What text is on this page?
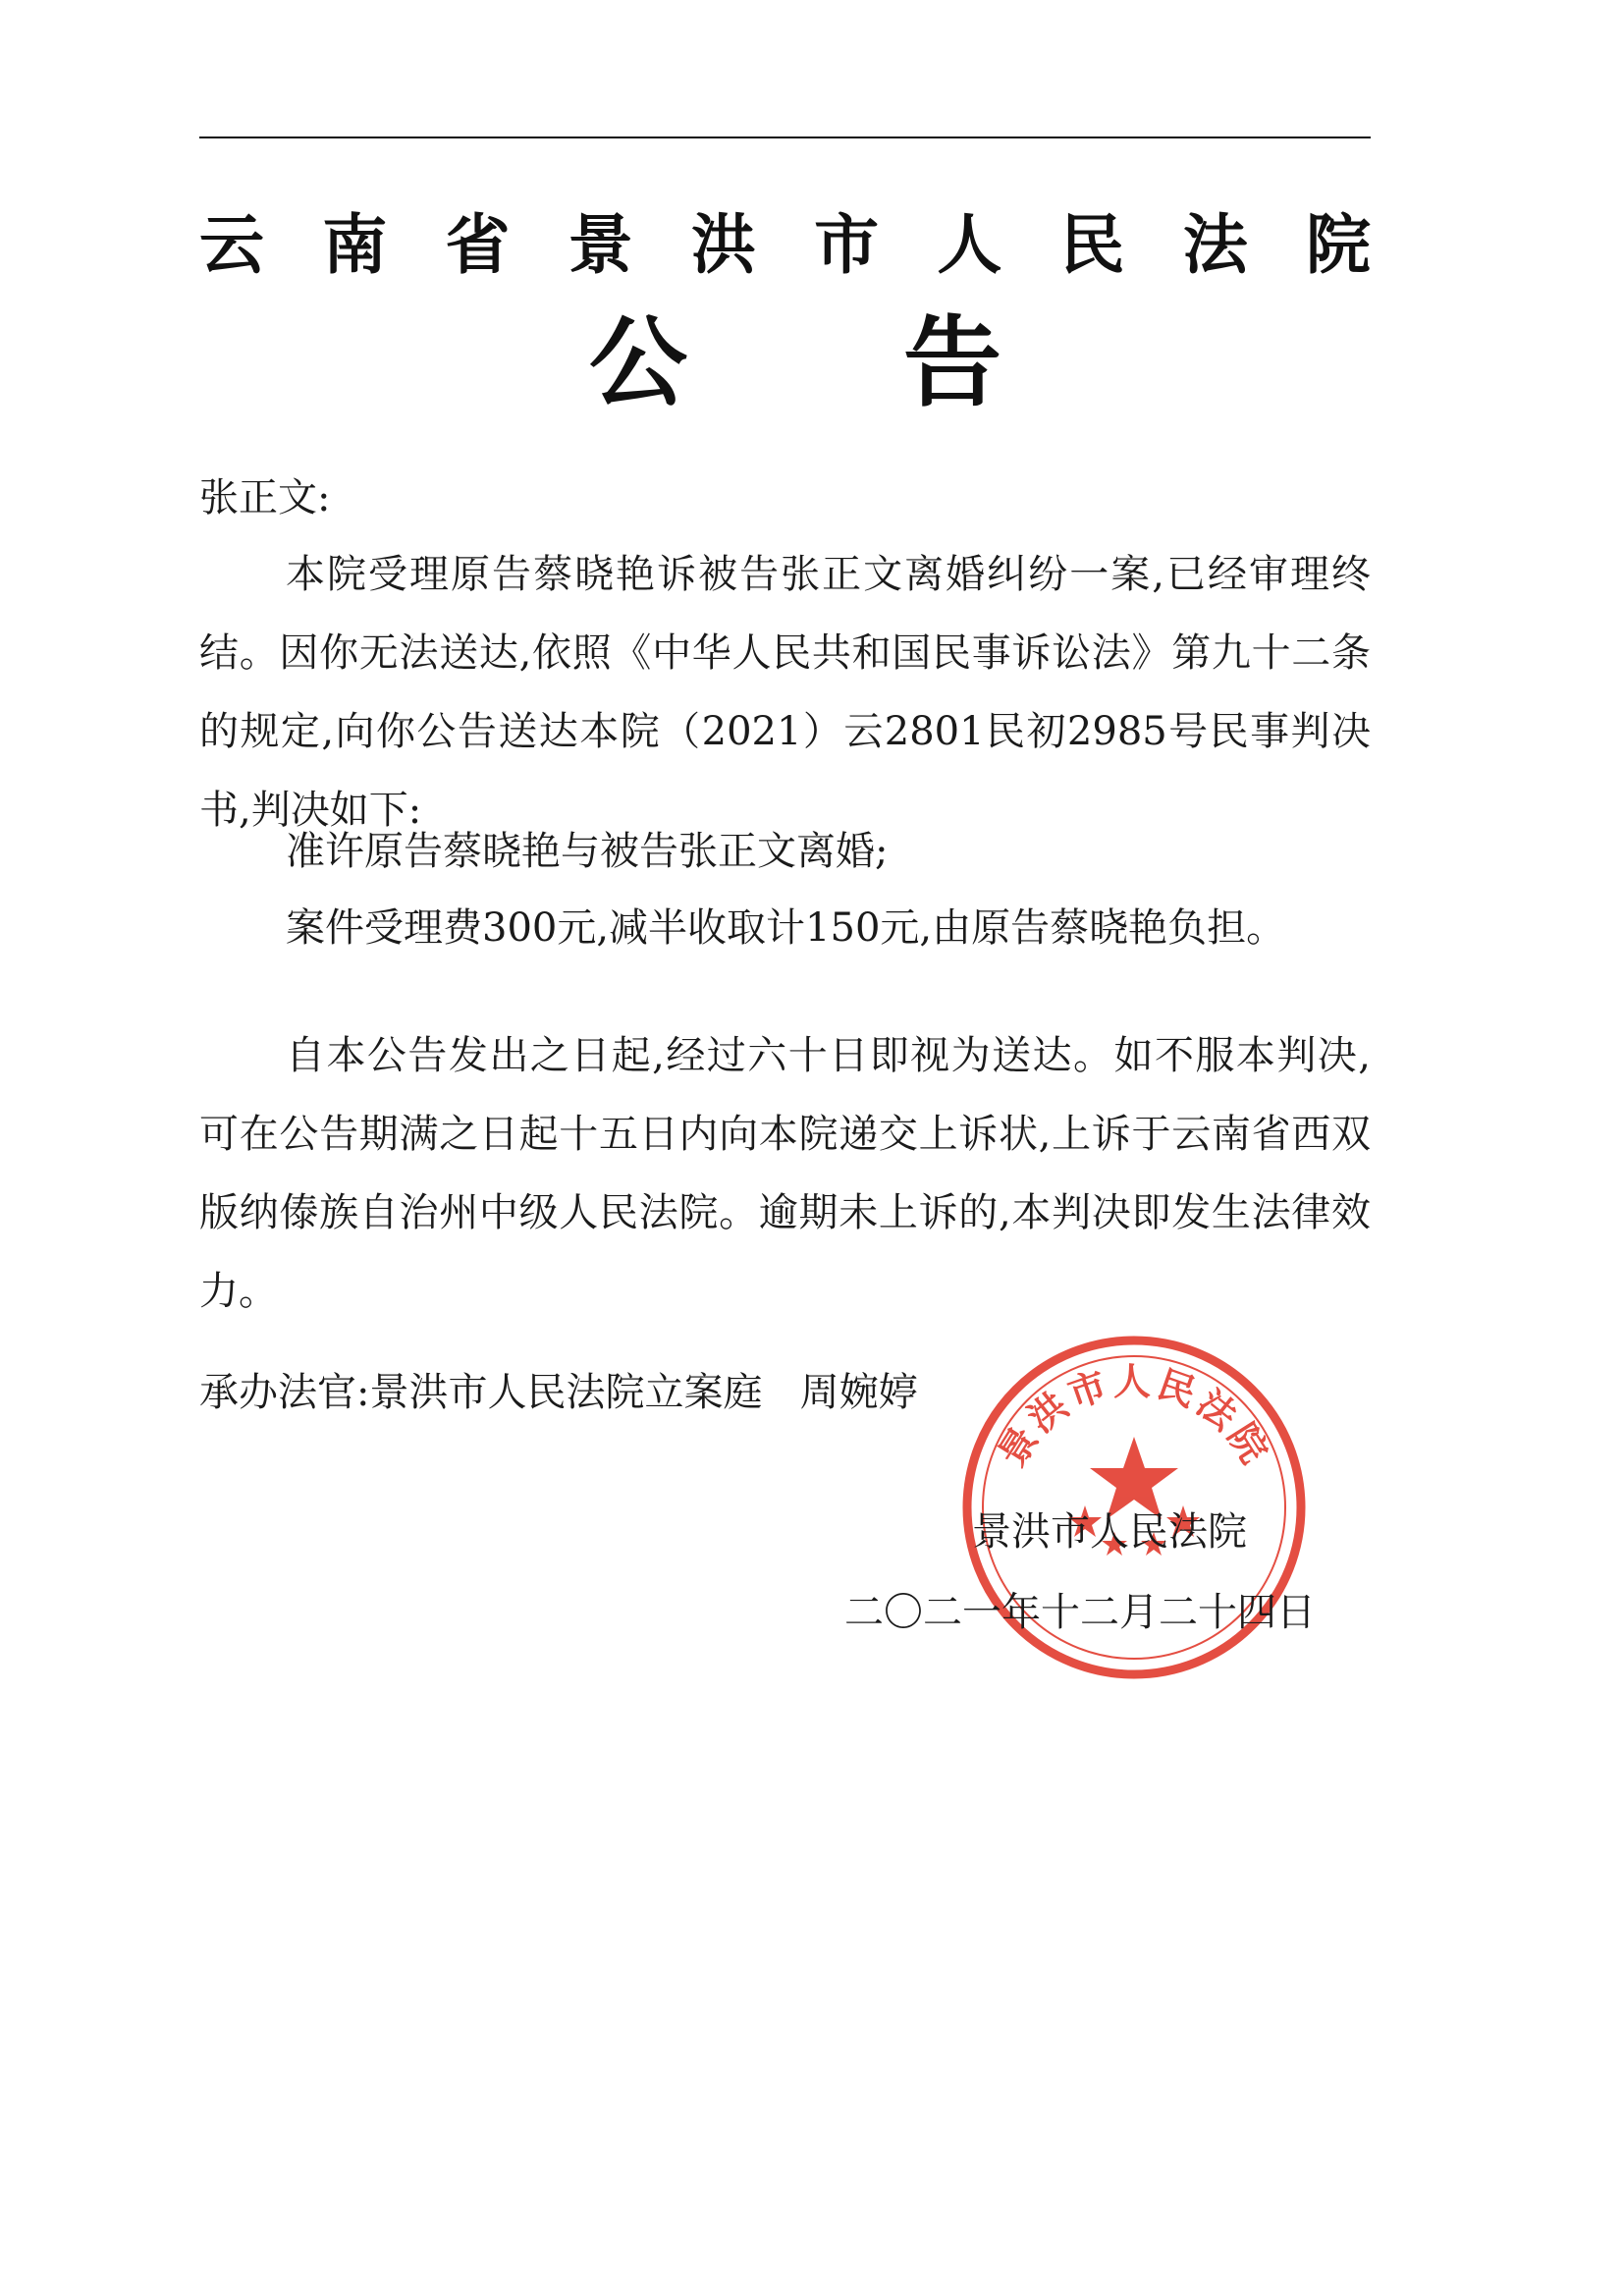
云 南 省 景 洪 市 人 民 法 院
公 告
张正文:
本院受理原告蔡晓艳诉被告张正文离婚纠纷一案,已经审理终结。因你无法送达,依照《中华人民共和国民事诉讼法》第九十二条的规定,向你公告送达本院（2021）云2801民初2985号民事判决书,判决如下:
准许原告蔡晓艳与被告张正文离婚;
案件受理费300元,减半收取计150元,由原告蔡晓艳负担。
自本公告发出之日起,经过六十日即视为送达。如不服本判决,可在公告期满之日起十五日内向本院递交上诉状,上诉于云南省西双版纳傣族自治州中级人民法院。逾期未上诉的,本判决即发生法律效力。
承办法官:景洪市人民法院立案庭   周婉婷
景洪市人民法院
景洪市人民法院
二〇二一年十二月二十四日
